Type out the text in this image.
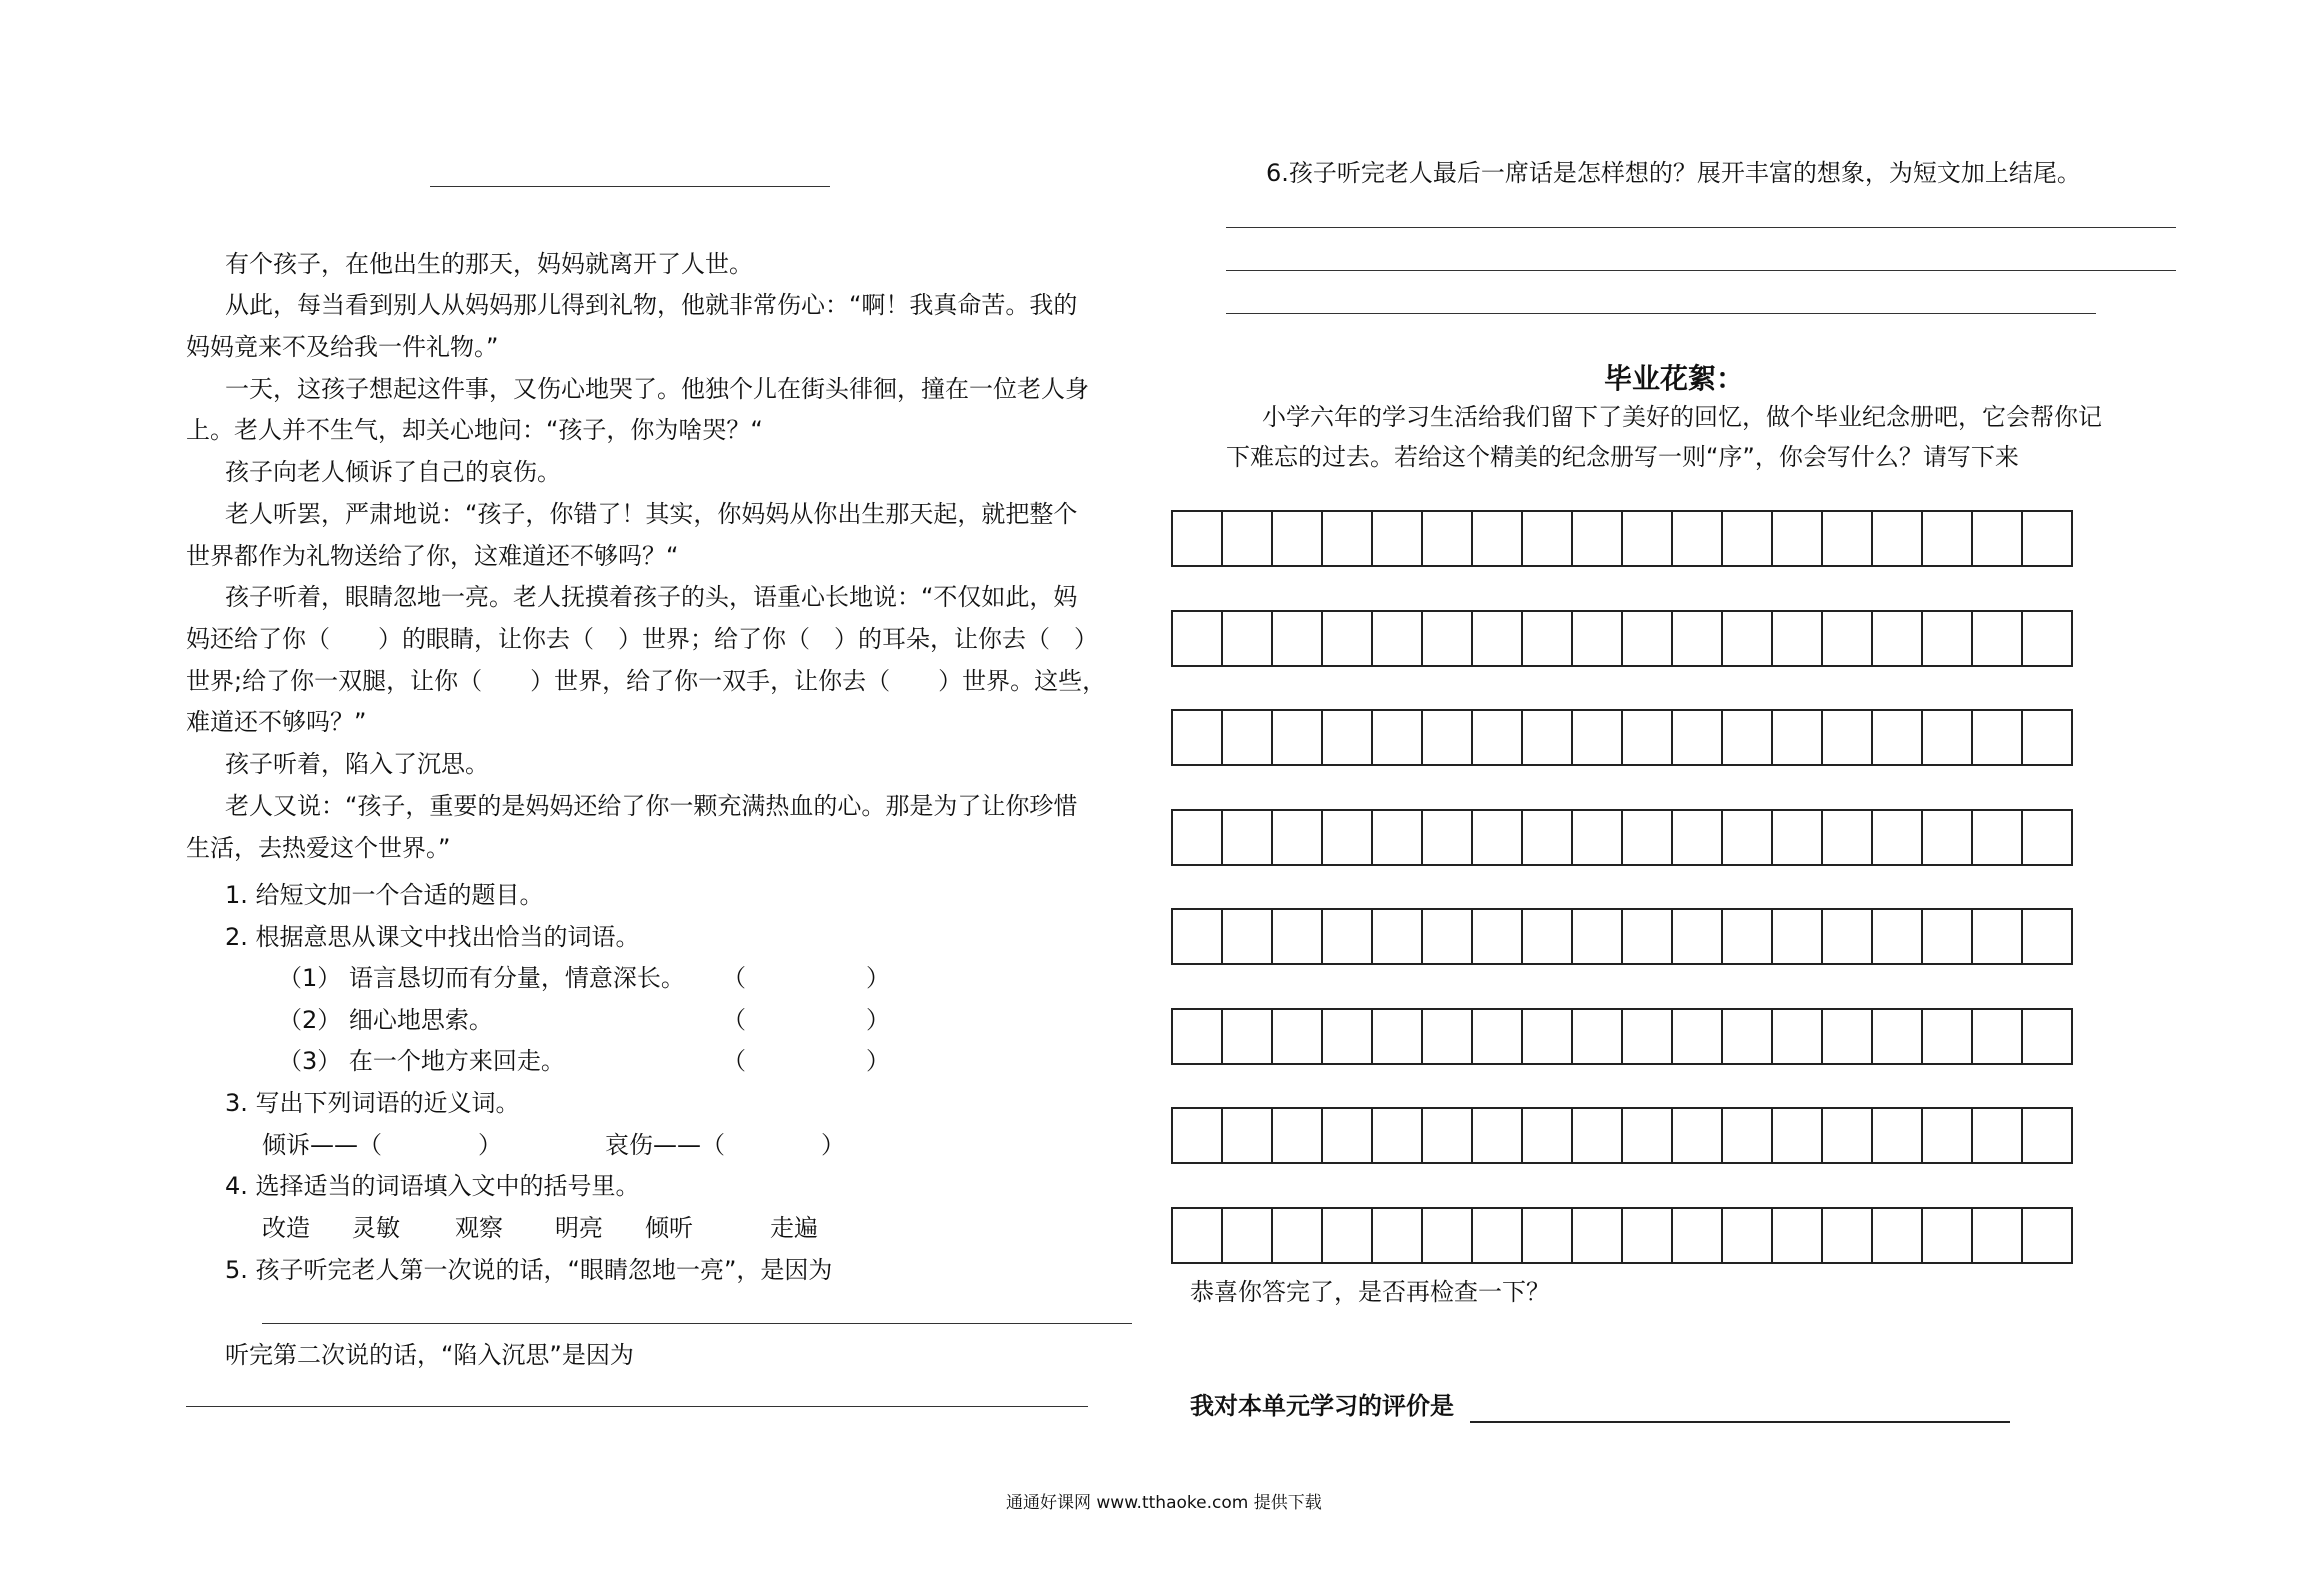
有个孩子，在他出生的那天，妈妈就离开了人世。
从此，每当看到别人从妈妈那儿得到礼物，他就非常伤心：“啊！我真命苦。我的
妈妈竟来不及给我一件礼物。”
一天，这孩子想起这件事，又伤心地哭了。他独个儿在街头徘徊，撞在一位老人身
上。老人并不生气，却关心地问：“孩子，你为啥哭？“
孩子向老人倾诉了自己的哀伤。
老人听罢，严肃地说：“孩子，你错了！其实，你妈妈从你出生那天起，就把整个
世界都作为礼物送给了你，这难道还不够吗？“
孩子听着，眼睛忽地一亮。老人抚摸着孩子的头，语重心长地说：“不仅如此，妈
妈还给了你（　　）的眼睛，让你去（　）世界；给了你（　）的耳朵，让你去（　）
世界;给了你一双腿，让你（　　）世界，给了你一双手，让你去（　　）世界。这些，
难道还不够吗？”
孩子听着，陷入了沉思。
老人又说：“孩子，重要的是妈妈还给了你一颗充满热血的心。那是为了让你珍惜
生活，去热爱这个世界。”
1. 给短文加一个合适的题目。
2. 根据意思从课文中找出恰当的词语。
（1） 语言恳切而有分量，情意深长。 （　　　　　）
（2） 细心地思索。	（　　　　　）
（3） 在一个地方来回走。	（　　　　　）
3. 写出下列词语的近义词。
倾诉——（　　　　）	哀伤——（　　　　）
4. 选择适当的词语填入文中的括号里。
改造 灵敏 观察 明亮 倾听	走遍
5. 孩子听完老人第一次说的话，“眼睛忽地一亮”，是因为
听完第二次说的话，“陷入沉思”是因为
6.孩子听完老人最后一席话是怎样想的？展开丰富的想象，为短文加上结尾。
毕业花絮：
小学六年的学习生活给我们留下了美好的回忆，做个毕业纪念册吧，它会帮你记
下难忘的过去。若给这个精美的纪念册写一则“序”，你会写什么？请写下来
恭喜你答完了，是否再检查一下？
我对本单元学习的评价是
通通好课网 www.tthaoke.com 提供下载
